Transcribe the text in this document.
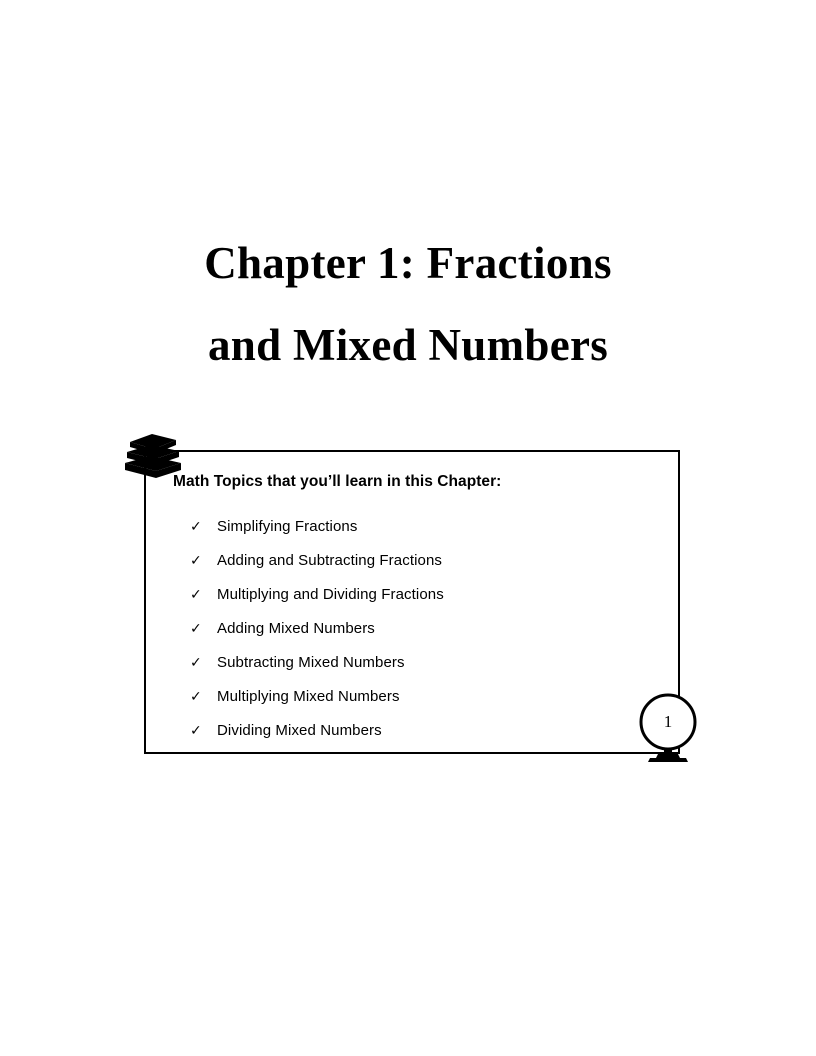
Chapter 1: Fractions
and Mixed Numbers
Math Topics that you’ll learn in this Chapter:
✓	Simplifying Fractions
✓	Adding and Subtracting Fractions
✓	Multiplying and Dividing Fractions
✓	Adding Mixed Numbers
✓	Subtracting Mixed Numbers
✓	Multiplying Mixed Numbers
✓	Dividing Mixed Numbers	1
